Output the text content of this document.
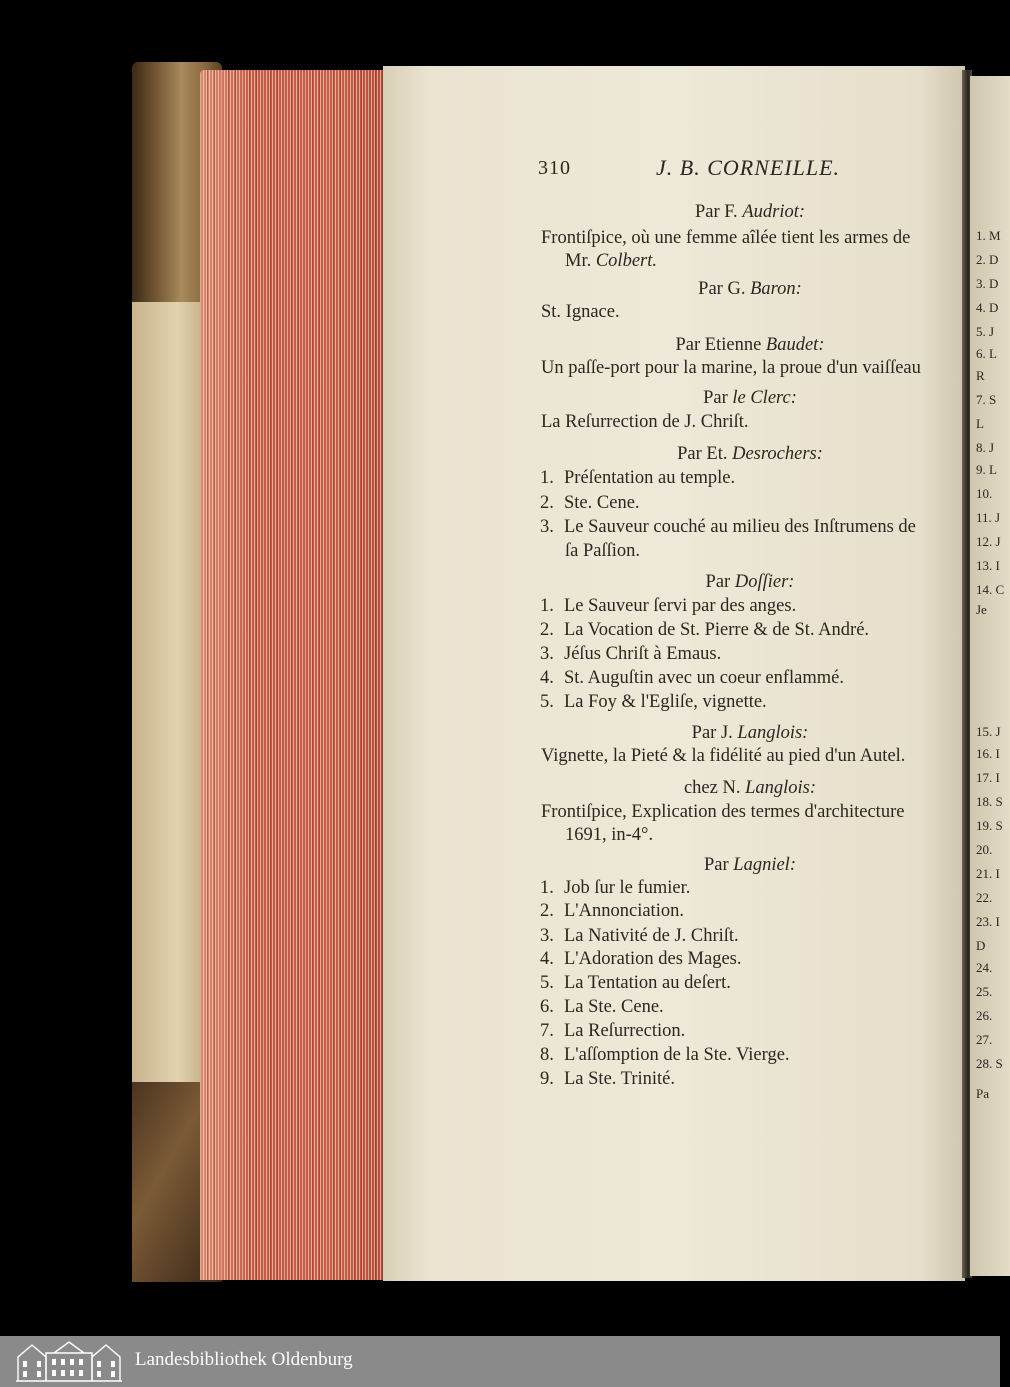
310	J. B. CORNEILLE.
Par F. Audriot:
Frontiſpice, où une femme aîlée tient les armes de
Mr. Colbert.
Par G. Baron:
St. Ignace.
Par Etienne Baudet:
Un paſſe-port pour la marine, la proue d'un vaiſſeau
Par le Clerc:
La Reſurrection de J. Chriſt.
Par Et. Desrochers:
1. Préſentation au temple.
2. Ste. Cene.
3. Le Sauveur couché au milieu des Inſtrumens de
ſa Paſſion.
Par Doſſier:
1. Le Sauveur ſervi par des anges.
2. La Vocation de St. Pierre & de St. André.
3. Jéſus Chriſt à Emaus.
4. St. Auguſtin avec un coeur enflammé.
5. La Foy & l'Egliſe, vignette.
Par J. Langlois:
Vignette, la Pieté & la fidélité au pied d'un Autel.
chez N. Langlois:
Frontiſpice, Explication des termes d'architecture
1691, in-4°.
Par Lagniel:
1. Job ſur le fumier.
2. L'Annonciation.
3. La Nativité de J. Chriſt.
4. L'Adoration des Mages.
5. La Tentation au deſert.
6. La Ste. Cene.
7. La Reſurrection.
8. L'aſſomption de la Ste. Vierge.
9. La Ste. Trinité.
1. M
2. D
3. D
4. D
5. J
6. L
R
7. S
L
8. J
9. L
10.
11. J
12. J
13. I
14. C
Je
15. J
16. I
17. I
18. S
19. S
20.
21. I
22.
23. I
D
24.
25.
26.
27.
28. S
Pa
Landesbibliothek Oldenburg
